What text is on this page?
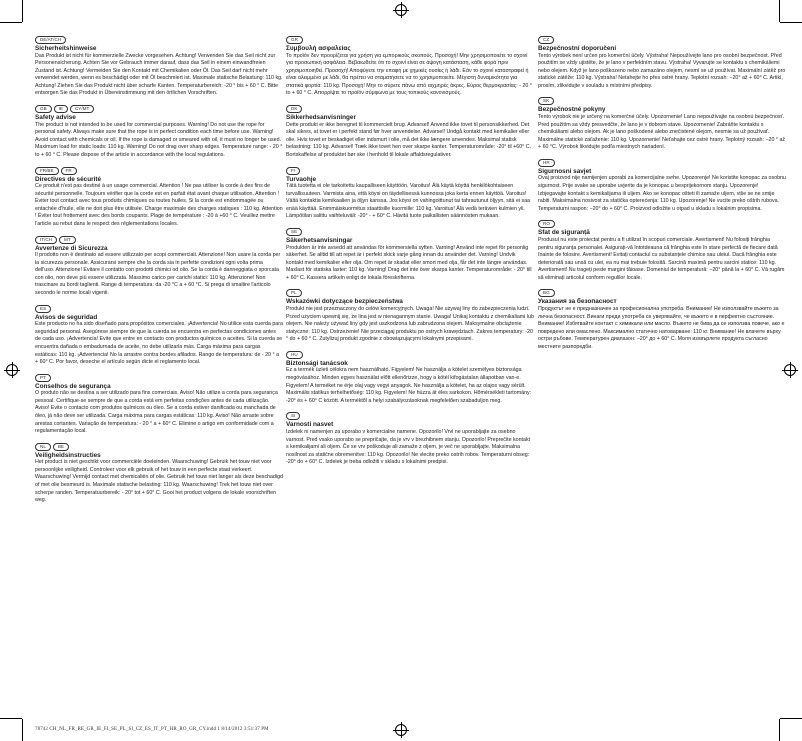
DE/AT/CH
Sicherheitshinweise
Das Produkt ist nicht für kommerzielle Zwecke vorgesehen. Achtung! Verwenden Sie das Seil nicht zur Personensicherung. Achten Sie vor Gebrauch immer darauf, dass das Seil in einem einwandfreien Zustand ist. Achtung! Vermeiden Sie den Kontakt mit Chemikalien oder Öl. Das Seil darf nicht mehr verwendet werden, wenn es beschädigt oder mit Öl beschmiert ist. Maximale statische Belastung: 110 kg. Achtung! Ziehen Sie das Produkt nicht über scharfe Kanten. Temperaturbereich: -20 ° bis + 60 ° C. Bitte entsorgen Sie das Produkt in Übereinstimmung mit den örtlichen Vorschriften.
GB	IE	CY/MT
Safety advise
The product is not intended to be used for commercial purposes. Warning! Do not use the rope for personal safety. Always make sure that the rope is in perfect condition each time before use. Warning! Avoid contact with chemicals or oil. If the rope is damaged or smeared with oil, it must no longer be used. Maximum load for static loads: 110 kg. Warning! Do not drag over sharp edges. Temperature range: - 20 ° to + 60 ° C. Please dispose of the article in accordance with the local regulations.
FR/BE	FR
Directives de sécurité
Ce produit n'est pas destiné à un usage commercial. Attention ! Ne pas utiliser la corde à des fins de sécurité personnelle. Toujours vérifier que la corde est en parfait état avant chaque utilisation. Attention ! Éviter tout contact avec tous produits chimiques ou toutes huiles. Si la corde est endommagée ou entachée d'huile, elle ne doit plus être utilisée. Charge maximale des charges statiques : 110 kg. Attention ! Éviter tout frottement avec des bords coupants. Plage de température : -20 à +60 ° C. Veuillez mettre l'article au rebut dans le respect des réglementations locales.
IT/CH	MT
Avvertenze di Sicurezza
Il prodotto non è destinato ad essere utilizzato per scopi commerciali. Attenzione! Non usare la corda per la sicurezza personale. Assicurarsi sempre che la corda sia in perfette condizioni ogni volta prima dell'uso. Attenzione! Evitare il contatto con prodotti chimici od olio. Se la corda è danneggiata o sporcata con olio, non deve più essere utilizzata. Massimo carico per carichi statici: 110 kg. Attenzione! Non trascinare su bordi taglienti. Range di temperatura: da -20 °C a + 60 °C. Si prega di smaltire l'articolo secondo le norme locali vigenti.
ES
Avisos de seguridad
Este producto no ha sido diseñado para propósitos comerciales. ¡Advertencia! No utilice esta cuerda para seguridad personal. Asegúrese siempre de que la cuerda se encuentra en perfectas condiciones antes de cada uso. ¡Advertencia! Evite que entre en contacto con productos químicos o aceites. Si la cuerda se encuentra dañada o embadurnada de aceite, no debe utilizarla más. Carga máxima para cargas estáticas: 110 kg. ¡Advertencia! No la arrastre contra bordes afilados. Rango de temperatura: de - 20 ° a + 60° C. Por favor, deseche el artículo según dicte el reglamento local.
PT
Conselhos de segurança
O produto não se destina a ser utilizado para fins comerciais. Aviso! Não utilize a corda para segurança pessoal. Certifique-se sempre de que a corda está em perfeitas condições antes de cada utilização. Aviso! Evite o contacto com produtos químicos ou óleo. Se a corda estiver danificada ou manchada de óleo, já não deve ser utilizada. Carga máxima para cargas estáticas: 110 kg. Aviso! Não arraste sobre arestas cortantes. Variação de temperatura: - 20 ° a + 60° C. Elimine o artigo em conformidade com a regulamentação local.
NL	BE
Veiligheidsinstructies
Het product is niet geschikt voor commerciële doeleinden. Waarschuwing! Gebruik het touw niet voor persoonlijke veiligheid. Controleer voor elk gebruik of het touw in een perfecte staat verkeert. Waarschuwing! Vermijd contact met chemicaliën of olie. Gebruik het touw niet langer als deze beschadigd of met olie besmeurd is. Maximale statische belasting: 110 kg. Waarschuwing! Trek het touw niet over scherpe randen. Temperatuurbereik: - 20° tot + 60° C. Gooi het product volgens de lokale voorschriften weg.
GR
Συμβουλή ασφαλείας
Το προϊόν δεν προορίζεται για χρήση για εμπορικούς σκοπούς. Προσοχή! Μην χρησιμοποιείτε το σχοινί για προσωπική ασφάλεια. Βεβαιωθείτε ότι το σχοινί είναι σε άψογη κατάσταση, κάθε φορά πριν χρησιμοποιηθεί. Προσοχή! Αποφύγετε την επαφή με χημικές ουσίες ή λάδι. Εάν το σχοινί καταστραφεί ή είναι αλειμμένο με λάδι, θα πρέπει να σταματήσετε να το χρησιμοποιείτε. Μέγιστη δυναμικότητα για στατικά φορτία: 110 kg. Προσοχή! Μην το σύρετε πάνω από αιχμηρές άκρες. Εύρος θερμοκρασίας: - 20 ° to + 60 ° C. Απορρίψτε το προϊόν σύμφωνα με τους τοπικούς κανονισμούς.
DK
Sikkerhedsanvisninger
Dette produkt er ikke beregnet til kommercielt brug. Advarsel! Anvend ikke tovet til personsikkerhed. Det skal sikres, at tovet er i perfekt stand før hver anvendelse. Advarsel! Undgå kontakt med kemikalier eller olie. Hvis tovet er beskadiget eller indsmurt i olie, må det ikke længere anvendes. Maksimal statisk belastning: 110 kg. Advarsel! Træk ikke tovet hen over skarpe kanter. Temperaturområde: -20° til +60° C. Bortskaffelse af produktet bør ske i henhold til lokale affaldsregulativer.
FI
Turvaohje
Tätä tuotetta ei ole tarkoitettu kaupalliseen käyttöön. Varoitus! Älä käytä köyttä henkilökohtaiseen turvallisuuteen. Varmista aina, että köysi on täydellisessä kunnossa joka kerta ennen käyttöä. Varoitus! Vältä kontaktia kemikaalien ja öljyn kanssa. Jos köysi on vahingoittunut tai tahrautunut öljyyn, sitä ei saa enää käyttää. Enimmäiskuormitus staattisille kuormille: 110 kg. Varoitus! Älä vedä terävien kulmien yli. Lämpötilan salittu vaihteluväli: -20° - + 60° C. Hävitä tuote paikallisten säännösten mukaan.
SE
Säkerhetsanvisningar
Produkten är inte avsedd att användas för kommersiella syften. Varning! Använd inte repet för personlig säkerhet. Se alltid till att repet är i perfekt skick varje gång innan du använder det. Varning! Undvik kontakt med kemikalier eller olja. Om repet är skadat eller smort med olja, får det inte längre användas. Maxlast för statiska laster: 110 kg. Varning! Drag det inte över skarpa kanter. Temperaturområde: - 20° till + 60° C. Kassera artikeln enligt de lokala föreskrifterna.
PL
Wskazówki dotyczące bezpieczeństwa
Produkt nie jest przeznaczony do celów komercyjnych. Uwaga! Nie używaj liny do zabezpieczenia ludzi. Przed użyciem upewnij się, że lina jest w nienagannym stanie. Uwaga! Unikaj kontaktu z chemikaliami lub olejem. Nie należy używać liny gdy jest uszkodzona lub zabrudzona olejem. Maksymalne obciążenie statyczne: 110 kg. Ostrzeżenie! Nie przeciągaj produktu po ostrych krawędziach. Zakres temperatury: -20 ° do + 60 ° C. Zutylizuj produkt zgodnie z obowiązującymi lokalnymi przepisami.
HU
Biztonsági tanácsok
Ez a termék üzleti célokra nem használható. Figyelem! Ne használja a kötelet személyes biztonsága megóvásához. Minden egyes használat előtt ellenőrizze, hogy a kötél kifogástalan állapotban van-e. Figyelem! A terméket ne érje olaj vagy vegyi anyagok. Ne használja a kötelet, ha az olajos vagy sérült. Maximális statikus terhelhetőség: 110 kg. Figyelem! Ne húzza át éles sarkokon. Hőmérsékleti tartomány: -20° és + 60° C között. A terméktől a helyi szabályozásoknak megfelelően szabaduljon meg.
SI
Varnosti nasvet
Izdelek ni namenjen za uporabo v komercialne namene. Opozorilo! Vrvi ne uporabljajte za osebno varnost. Pred vsako uporabo se prepričajte, da je vrv v brezhibnem stanju. Opozorilo! Preprečite kontakt s kemikalijami ali oljem. Če se vrv poškoduje ali zamaže z oljem, je več ne uporabljajte. Maksimalna nosilnost za statične obremenitve: 110 kg. Opozorilo! Ne vlecite preko ostrih robov. Temperaturni obseg: -20° do + 60° C. Izdelek je treba odložiti v skladu s lokalnimi predpisi.
CZ
Bezpečnostní doporučení
Tento výrobek není určen pro komerční účely. Výstraha! Nepoužívejte lano pro osobní bezpečnost. Před použitím se vždy ujistěte, že je lano v perfektním stavu. Výstraha! Vyvarujte se kontaktu s chemikáliemi nebo olejem. Když je lano poškozeno nebo zamazáno olejem, nesmí se už používat. Maximální zátěž pro statické zátěže: 110 kg. Výstraha! Netahejte ho přes ostré hrany. Teplotní rozsah: −20° až + 60° C. Artikl, prosím, zlikvidujte v souladu s místními předpisy.
SK
Bezpečnostné pokyny
Tento výrobok nie je určený na komerčné účely. Upozornenie! Lano nepoužívajte na osobnú bezpečnosť. Pred použitím sa vždy presvedčte, že lano je v dobrom stave. Upozornenie! Zabráňte kontaktu s chemikáliami alebo olejom. Ak je lano poškodené alebo znečistené olejom, nesmie sa už používať. Maximálne statické zaťaženie: 110 kg. Upozornenie! Neťahajte cez ostré hrany. Teplotný rozsah: −20 ° až + 60 °C. Výrobok likvidujte podľa miestnych nariadení.
HR
Sigurnosni savjet
Ovaj proizvod nije namijenjen uporabi za komercijalne svrhe. Upozorenje! Ne koristite konopac za osobnu sigurnost. Prije svake se uporabe uvjerite da je konopac u besprijekornom stanju. Upozorenje! Izbjegavajte kontakt s kemikalijama ili uljem. Ako se konopac ošteti ili zamaže uljem, više se ne smije rabiti. Maksimalna nosivost za statička opterećenja: 110 kg. Upozorenje! Ne vucite preko oštrih rubova. Temperaturni raspon: −20° do + 60° C. Proizvod odložite u otpad u skladu s lokalnim propisima.
RO
Sfat de siguranță
Produsul nu este proiectat pentru a fi utilizat în scopuri comerciale. Avertisment! Nu folosiți frânghia pentru siguranța personalei. Asigurați-vă întotdeauna că frânghia este în stare perfectă de fiecare dată înainte de folosire. Avertisment! Evitați contactul cu substanțele chimice sau uleiul. Dacă frânghia este deteriorată sau unsă cu ulei, ea nu mai trebuie folosită. Sarcină maximă pentru sarcini statice: 110 kg. Avertisment! Nu trageți peste margini tăioase. Domeniul de temperatură: −20° până la + 60° C. Vă rugăm să eliminați articolul conform regulilor locale.
BG
Указания за безопасност
Продуктът не е предназначен за професионална употреба. Внимание! Не използвайте въжето за лична безопасност. Винаги преди употреба се уверявайте, че въжето е в перфектно състояние. Внимание! Избягвайте контакт с химикали или масло. Въжето не бива да се използва повече, ако е повредено или омаслено. Максимално статично натоварване: 110 кг. Внимание! Не влачете върху остри ръбове. Температурен диапазон: −20° до + 60° C. Моля изхвърлете продукта съгласно местните разпоредби.
78742 CH_NL_FR_RE_GR_IE_FI_SE_PL_SI_CZ_ES_IT_PT_HR_RO_GR_CY.indd 1 8/14/2012 3:51:37 PM
